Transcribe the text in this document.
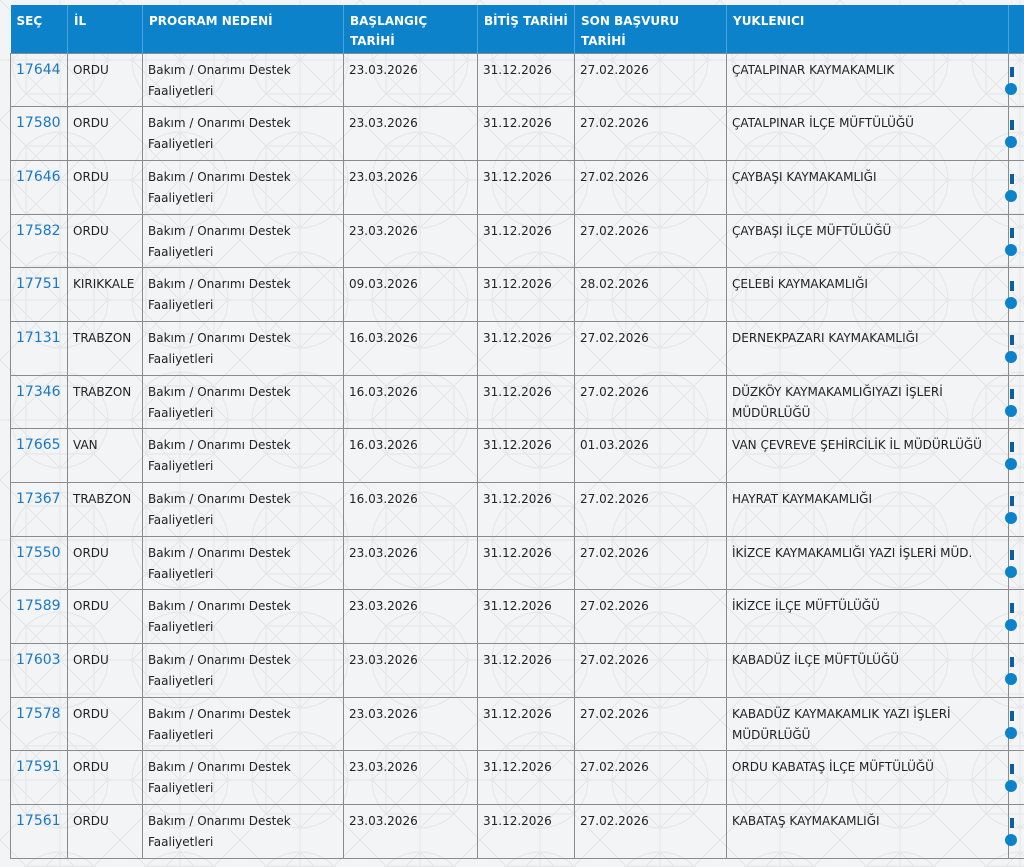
SEÇ	İL	PROGRAM NEDENİ	BAŞLANGIÇ TARİHİ	BİTİŞ TARİHİ	SON BAŞVURU TARİHİ	YUKLENICI	
17644	ORDU	Bakım / Onarımı Destek Faaliyetleri	23.03.2026	31.12.2026	27.02.2026	ÇATALPINAR KAYMAKAMLIK	

17580	ORDU	Bakım / Onarımı Destek Faaliyetleri	23.03.2026	31.12.2026	27.02.2026	ÇATALPINAR İLÇE MÜFTÜLÜĞÜ	

17646	ORDU	Bakım / Onarımı Destek Faaliyetleri	23.03.2026	31.12.2026	27.02.2026	ÇAYBAŞI KAYMAKAMLIĞI	

17582	ORDU	Bakım / Onarımı Destek Faaliyetleri	23.03.2026	31.12.2026	27.02.2026	ÇAYBAŞI İLÇE MÜFTÜLÜĞÜ	

17751	KIRIKKALE	Bakım / Onarımı Destek Faaliyetleri	09.03.2026	31.12.2026	28.02.2026	ÇELEBİ KAYMAKAMLIĞI	

17131	TRABZON	Bakım / Onarımı Destek Faaliyetleri	16.03.2026	31.12.2026	27.02.2026	DERNEKPAZARI KAYMAKAMLIĞI	

17346	TRABZON	Bakım / Onarımı Destek Faaliyetleri	16.03.2026	31.12.2026	27.02.2026	DÜZKÖY KAYMAKAMLIĞIYAZI İŞLERİ MÜDÜRLÜĞÜ	

17665	VAN	Bakım / Onarımı Destek Faaliyetleri	16.03.2026	31.12.2026	01.03.2026	VAN ÇEVREVE ŞEHİRCİLİK İL MÜDÜRLÜĞÜ	

17367	TRABZON	Bakım / Onarımı Destek Faaliyetleri	16.03.2026	31.12.2026	27.02.2026	HAYRAT KAYMAKAMLIĞI	

17550	ORDU	Bakım / Onarımı Destek Faaliyetleri	23.03.2026	31.12.2026	27.02.2026	İKİZCE KAYMAKAMLIĞI YAZI İŞLERİ MÜD.	

17589	ORDU	Bakım / Onarımı Destek Faaliyetleri	23.03.2026	31.12.2026	27.02.2026	İKİZCE İLÇE MÜFTÜLÜĞÜ	

17603	ORDU	Bakım / Onarımı Destek Faaliyetleri	23.03.2026	31.12.2026	27.02.2026	KABADÜZ İLÇE MÜFTÜLÜĞÜ	

17578	ORDU	Bakım / Onarımı Destek Faaliyetleri	23.03.2026	31.12.2026	27.02.2026	KABADÜZ KAYMAKAMLIK YAZI İŞLERİ MÜDÜRLÜĞÜ	

17591	ORDU	Bakım / Onarımı Destek Faaliyetleri	23.03.2026	31.12.2026	27.02.2026	ORDU KABATAŞ İLÇE MÜFTÜLÜĞÜ	

17561	ORDU	Bakım / Onarımı Destek Faaliyetleri	23.03.2026	31.12.2026	27.02.2026	KABATAŞ KAYMAKAMLIĞI	
